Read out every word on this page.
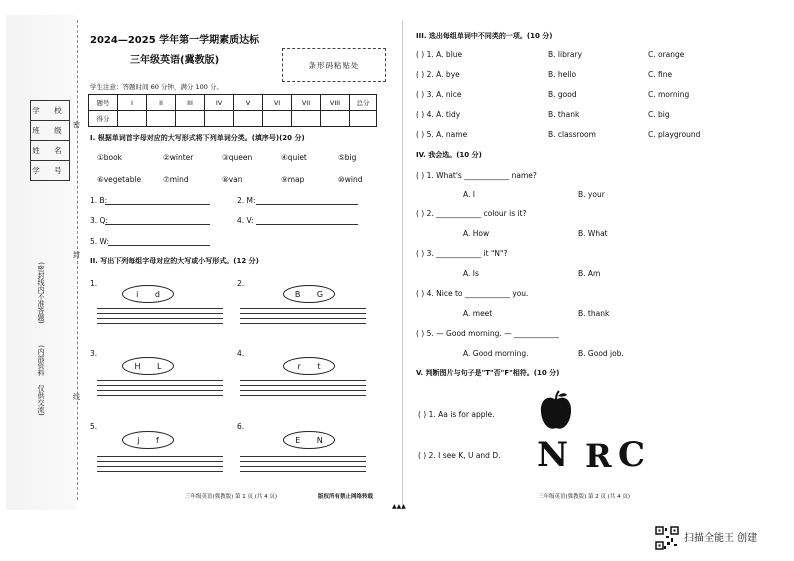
学 校
班 级
姓 名
学 号
密
封
线
(密封线内不准答题)
(内部资料
仅供交流)
2024—2025 学年第一学期素质达标
三年级英语(冀教版)	条形码粘贴处
学生注意：答题时间 60 分钟，满分 100 分。
题号	I	II	III	IV	V	VI	VII	VIII	总分
得分									
I. 根据单词首字母对应的大写形式将下列单词分类。(填序号)(20 分)
①book	②winter	③queen	④quiet	⑤big
⑥vegetable	⑦mind	⑧van	⑨map	⑩wind
1. B:	2. M:
3. Q:	4. V:
5. W:
II. 写出下列每组字母对应的大写或小写形式。(12 分)
1.
i d
2.
B G
3.
H L
4.
r t
5.
j f
6.
E N
III. 选出每组单词中不同类的一项。(10 分)
( ) 1. A. blue	B. library	C. orange
( ) 2. A. bye	B. hello	C. fine
( ) 3. A. nice	B. good	C. morning
( ) 4. A. tidy	B. thank	C. big
( ) 5. A. name	B. classroom	C. playground
IV. 我会选。(10 分)
( ) 1. What's ____________ name?
A. I	B. your
( ) 2. ____________ colour is it?
A. How	B. What
( ) 3. ____________ it "N"?
A. Is	B. Am
( ) 4. Nice to ____________ you.
A. meet	B. thank
( ) 5. — Good morning. — ____________
A. Good morning.	B. Good job.
V. 判断图片与句子是"T"否"F"相符。(10 分)
( ) 1. Aa is for apple.
( ) 2. I see K, U and D. N R C
三年级英语(冀教版) 第 1 页 (共 4 页)	版权所有禁止网络转载
▲▲▲
三年级英语(冀教版) 第 2 页 (共 4 页)
扫描全能王 创建
